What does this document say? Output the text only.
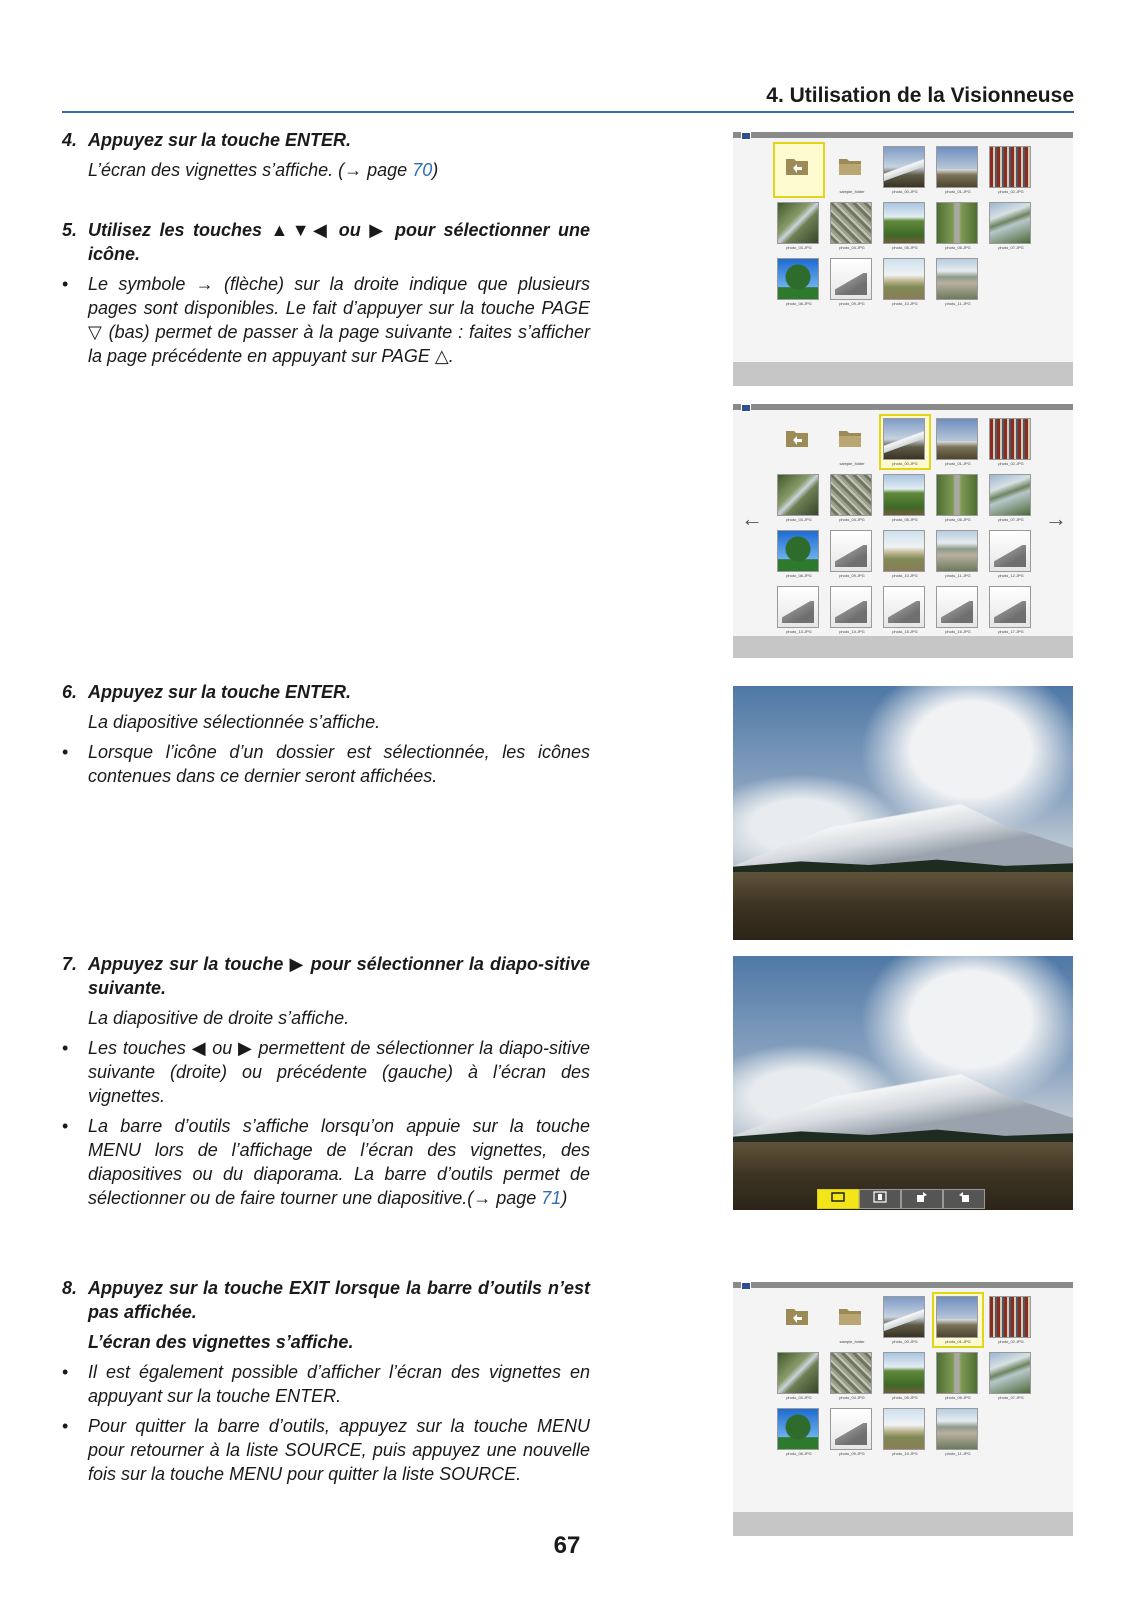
4. Utilisation de la Visionneuse
4. Appuyez sur la touche ENTER.
L’écran des vignettes s’affiche. (→ page 70)
5. Utilisez les touches ▲▼◀ ou ▶ pour sélectionner une icône.
•	Le symbole → (flèche) sur la droite indique que plusieurs pages sont disponibles. Le fait d’appuyer sur la touche PAGE ▽ (bas) permet de passer à la page suivante : faites s’afficher la page précédente en appuyant sur PAGE △.
6. Appuyez sur la touche ENTER.
La diapositive sélectionnée s’affiche.
•	Lorsque l’icône d’un dossier est sélectionnée, les icônes contenues dans ce dernier seront affichées.
7. Appuyez sur la touche ▶ pour sélectionner la diapo-sitive suivante.
La diapositive de droite s’affiche.
•	Les touches ◀ ou ▶ permettent de sélectionner la diapo-sitive suivante (droite) ou précédente (gauche) à l’écran des vignettes.
•	La barre d’outils s’affiche lorsqu’on appuie sur la touche MENU lors de l’affichage de l’écran des vignettes, des diapositives ou du diaporama. La barre d’outils permet de sélectionner ou de faire tourner une diapositive.(→ page 71)
8. Appuyez sur la touche EXIT lorsque la barre d’outils n’est pas affichée.
L’écran des vignettes s’affiche.
•	Il est également possible d’afficher l’écran des vignettes en appuyant sur la touche ENTER.
•	Pour quitter la barre d’outils, appuyez sur la touche MENU pour retourner à la liste SOURCE, puis appuyez une nouvelle fois sur la touche MENU pour quitter la liste SOURCE.
sample_folder	photo_00.JPG	photo_01.JPG	photo_02.JPG
photo_03.JPG	photo_04.JPG	photo_05.JPG	photo_06.JPG	photo_07.JPG
photo_08.JPG	photo_09.JPG	photo_10.JPG	photo_11.JPG
←	→
sample_folder	photo_00.JPG	photo_01.JPG	photo_02.JPG
photo_03.JPG	photo_04.JPG	photo_05.JPG	photo_06.JPG	photo_07.JPG
photo_08.JPG	photo_09.JPG	photo_10.JPG	photo_11.JPG	photo_12.JPG
photo_13.JPG	photo_14.JPG	photo_15.JPG	photo_16.JPG	photo_17.JPG
sample_folder	photo_00.JPG	photo_01.JPG	photo_02.JPG
photo_03.JPG	photo_04.JPG	photo_05.JPG	photo_06.JPG	photo_07.JPG
photo_08.JPG	photo_09.JPG	photo_10.JPG	photo_11.JPG
67
